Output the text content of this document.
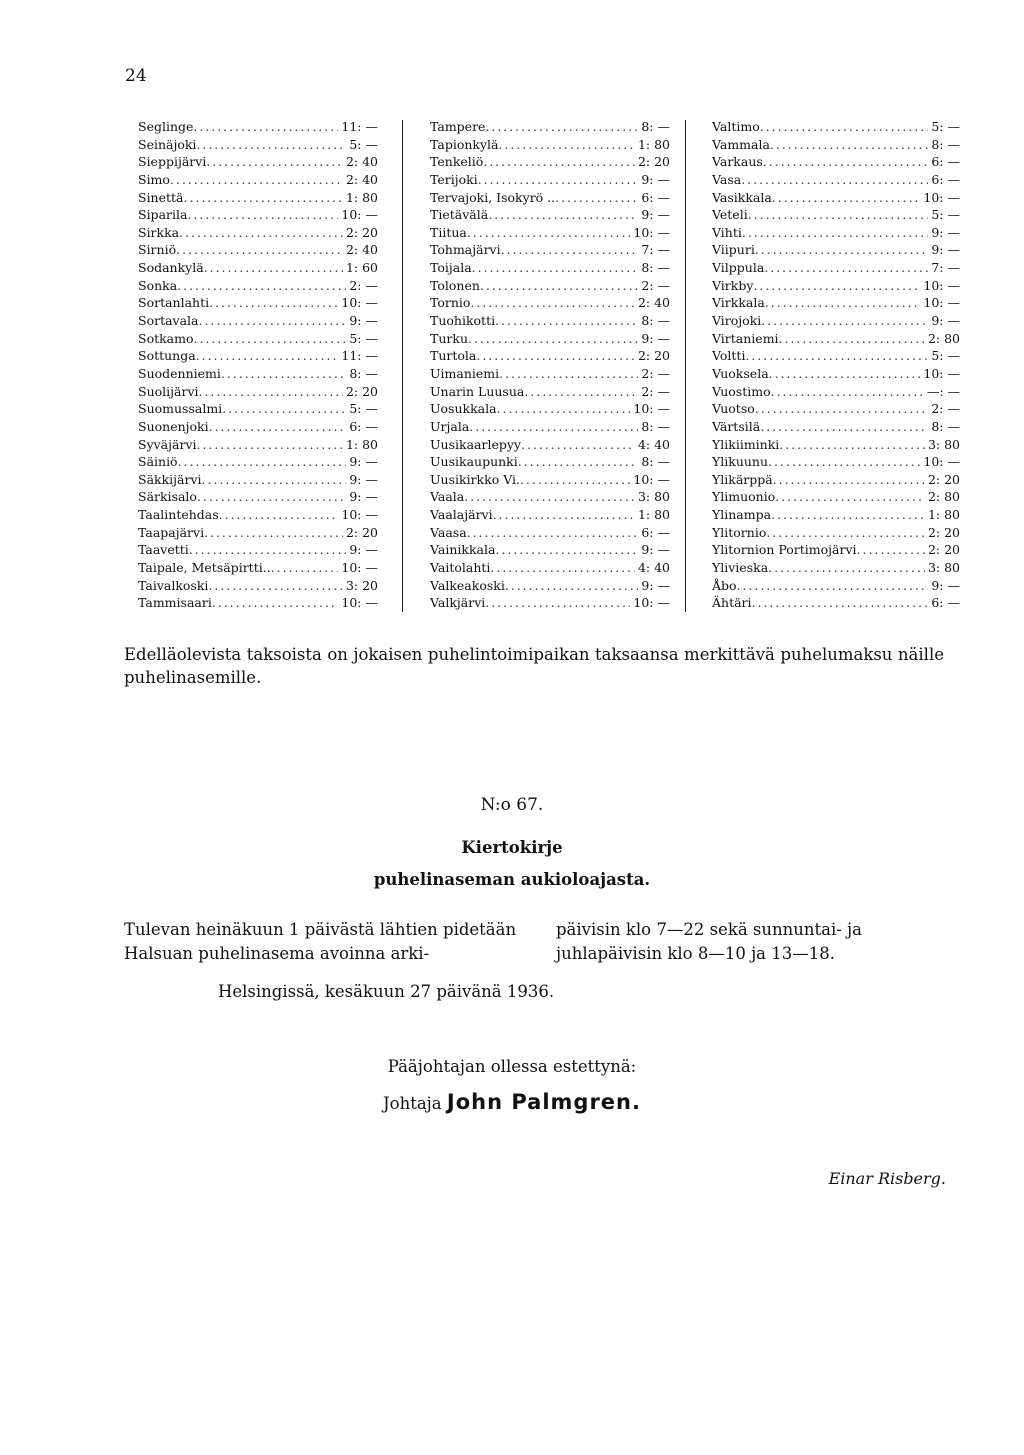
24
Seglinge . . .	11: —
Seinäjoki . . .	5: —
Sieppijärvi . . .	2: 40
Simo . . .	2: 40
Sinettä . . .	1: 80
Siparila . . .	10: —
Sirkka . . .	2: 20
Sirniö . . .	2: 40
Sodankylä . . .	1: 60
Sonka . . .	2: —
Sortanlahti . . .	10: —
Sortavala . . .	9: —
Sotkamo . . .	5: —
Sottunga . . .	11: —
Suodenniemi . . .	8: —
Suolijärvi . . .	2: 20
Suomussalmi . . .	5: —
Suonenjoki . . .	6: —
Syväjärvi . . .	1: 80
Säiniö . . .	9: —
Säkkijärvi . . .	9: —
Särkisalo . . .	9: —
Taalintehdas . . .	10: —
Taapajärvi . . .	2: 20
Taavetti . . .	9: —
Taipale, Metsäpirtti.. . . .	10: —
Taivalkoski . . .	3: 20
Tammisaari . . .	10: —
Tampere . . .	8: —
Tapionkylä . . .	1: 80
Tenkeliö . . .	2: 20
Terijoki . . .	9: —
Tervajoki, Isokyrö .. . . .	6: —
Tietävälä . . .	9: —
Tiitua . . .	10: —
Tohmajärvi . . .	7: —
Toijala . . .	8: —
Tolonen . . .	2: —
Tornio . . .	2: 40
Tuohikotti . . .	8: —
Turku . . .	9: —
Turtola . . .	2: 20
Uimaniemi . . .	2: —
Unarin Luusua . . .	2: —
Uosukkala . . .	10: —
Urjala . . .	8: —
Uusikaarlepyy . . .	4: 40
Uusikaupunki . . .	8: —
Uusikirkko Vi. . . .	10: —
Vaala . . .	3: 80
Vaalajärvi . . .	1: 80
Vaasa . . .	6: —
Vainikkala . . .	9: —
Vaitolahti . . .	4: 40
Valkeakoski . . .	9: —
Valkjärvi . . .	10: —
Valtimo . . .	5: —
Vammala . . .	8: —
Varkaus . . .	6: —
Vasa . . .	6: —
Vasikkala . . .	10: —
Veteli . . .	5: —
Vihti . . .	9: —
Viipuri . . .	9: —
Vilppula . . .	7: —
Virkby . . .	10: —
Virkkala . . .	10: —
Virojoki . . .	9: —
Virtaniemi . . .	2: 80
Voltti . . .	5: —
Vuoksela . . .	10: —
Vuostimo . . .	—: —
Vuotso . . .	2: —
Värtsilä . . .	8: —
Ylikiiminki . . .	3: 80
Ylikuunu . . .	10: —
Ylikärppä . . .	2: 20
Ylimuonio . . .	2: 80
Ylinampa . . .	1: 80
Ylitornio . . .	2: 20
Ylitornion Portimojärvi . . .	2: 20
Ylivieska . . .	3: 80
Åbo . . .	9: —
Ähtäri . . .	6: —
Edelläolevista taksoista on jokaisen puhelintoimipaikan taksaansa merkittävä puhelumaksu näille puhelinasemille.
N:o 67.
Kiertokirje
puhelinaseman aukioloajasta.
Tulevan heinäkuun 1 päivästä lähtien pidetään Halsuan puhelinasema avoinna arki-
päivisin klo 7—22 sekä sunnuntai- ja juhlapäivisin klo 8—10 ja 13—18.
Helsingissä, kesäkuun 27 päivänä 1936.
Pääjohtajan ollessa estettynä:
Johtaja John Palmgren.
Einar Risberg.
